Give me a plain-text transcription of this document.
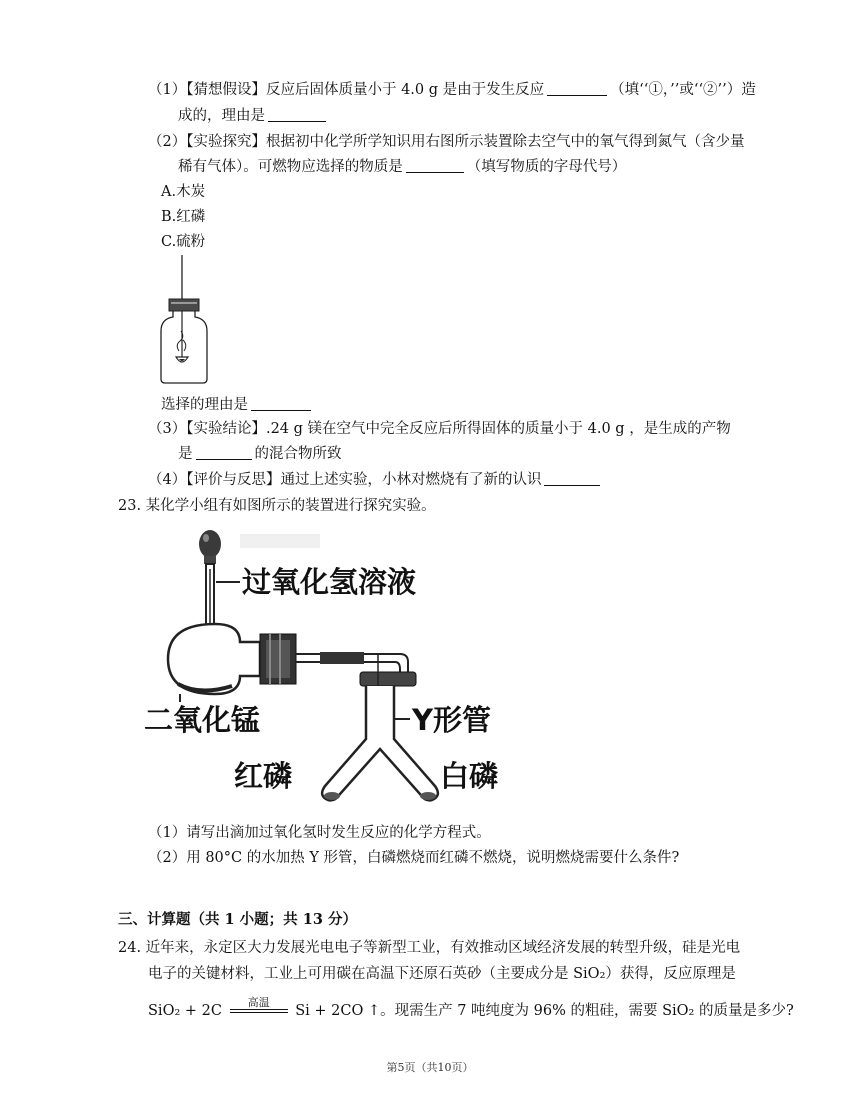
（1）【猜想假设】反应后固体质量小于 4.0 g 是由于发生反应	（填‘‘①，’’或‘‘②’’）造
成的，理由是
（2）【实验探究】根据初中化学所学知识用右图所示装置除去空气中的氧气得到氮气（含少量
稀有气体）。可燃物应选择的物质是	（填写物质的字母代号）
A.木炭
B.红磷
C.硫粉
选择的理由是
（3）【实验结论】.24 g 镁在空气中完全反应后所得固体的质量小于 4.0 g ，是生成的产物
是	的混合物所致
（4）【评价与反思】通过上述实验，小林对燃烧有了新的认识
23. 某化学小组有如图所示的装置进行探究实验。
过氧化氢溶液
Y形管
二氧化锰
红磷	白磷
（1）请写出滴加过氧化氢时发生反应的化学方程式。
（2）用 80°C 的水加热 Y 形管，白磷燃烧而红磷不燃烧，说明燃烧需要什么条件?
三、计算题（共 1 小题；共 13 分）
24. 近年来，永定区大力发展光电电子等新型工业，有效推动区域经济发展的转型升级，硅是光电
电子的关键材料，工业上可用碳在高温下还原石英砂（主要成分是 SiO₂）获得，反应原理是
SiO₂ + 2C
高温
Si + 2CO ↑。现需生产 7 吨纯度为 96% 的粗硅，需要 SiO₂ 的质量是多少?
第5页（共10页）
